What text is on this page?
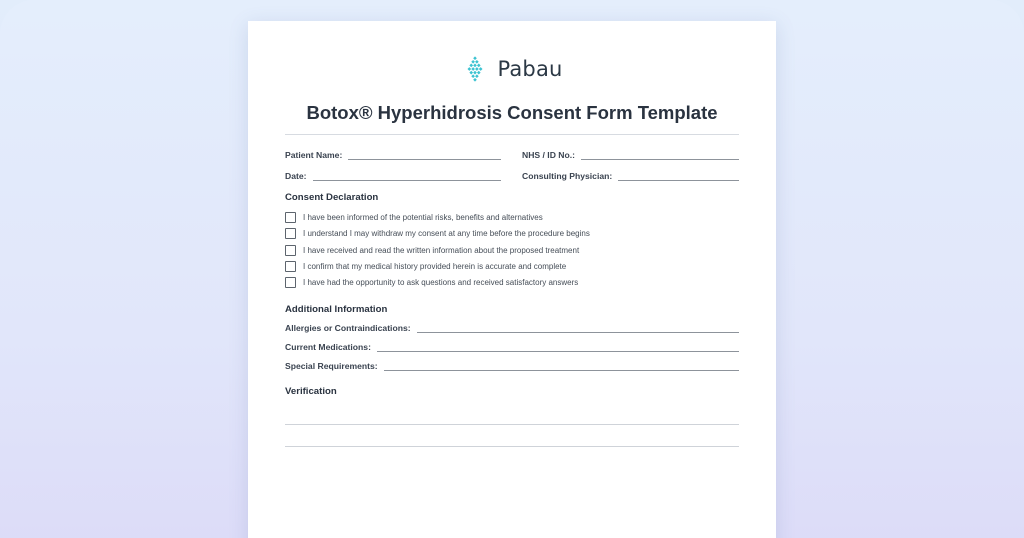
Pabau
Botox® Hyperhidrosis Consent Form Template
Patient Name:	NHS / ID No.:
Date:	Consulting Physician:
Consent Declaration
I have been informed of the potential risks, benefits and alternatives
I understand I may withdraw my consent at any time before the procedure begins
I have received and read the written information about the proposed treatment
I confirm that my medical history provided herein is accurate and complete
I have had the opportunity to ask questions and received satisfactory answers
Additional Information
Allergies or Contraindications:
Current Medications:
Special Requirements:
Verification
